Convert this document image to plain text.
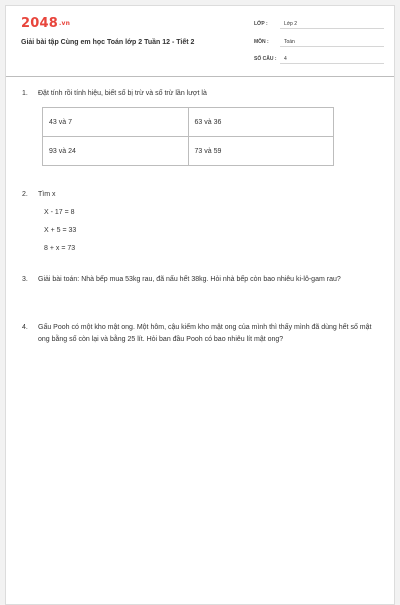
2048.vn
Giải bài tập Cùng em học Toán lớp 2 Tuần 12 - Tiết 2
LỚP :	Lớp 2
MÔN :	Toán
SỐ CÂU : 4
1.	Đặt tính rồi tính hiệu, biết số bị trừ và số trừ lần lượt là
43 và 7	63 và 36
93 và 24	73 và 59
2.	Tìm x
X - 17 = 8
X + 5 = 33
8 + x = 73
3.	Giải bài toán: Nhà bếp mua 53kg rau, đã nấu hết 38kg. Hỏi nhà bếp còn bao nhiêu ki-lô-gam rau?
4.	Gấu Pooh có một kho mật ong. Một hôm, cậu kiểm kho mật ong của mình thì thấy mình đã dùng hết số mật ong bằng số còn lại và bằng 25 lít. Hỏi ban đầu Pooh có bao nhiêu lít mật ong?
